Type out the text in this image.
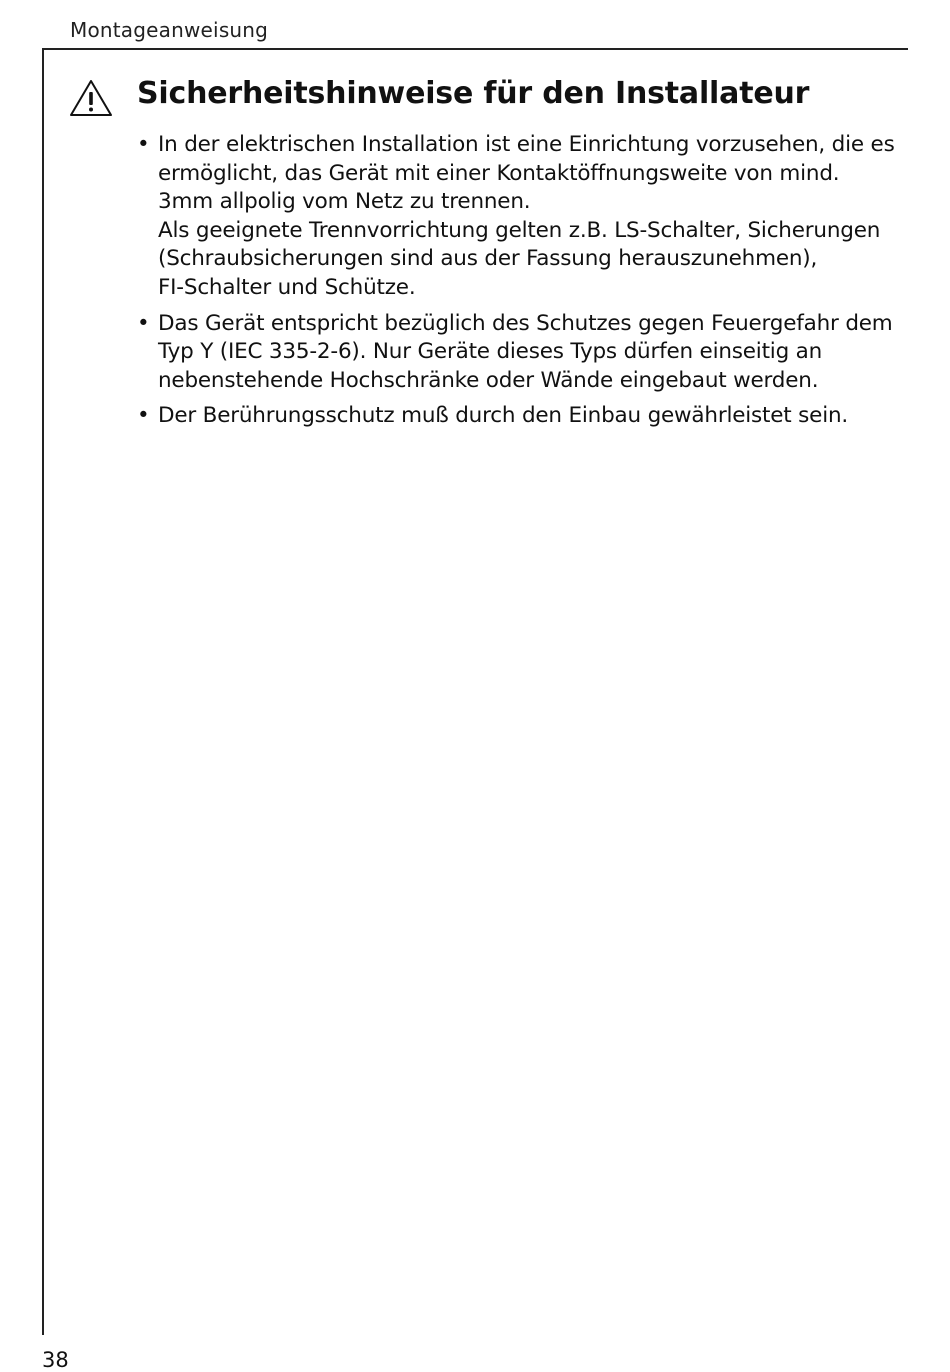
Montageanweisung
Sicherheitshinweise für den Installateur
• In der elektrischen Installation ist eine Einrichtung vorzusehen, die es
ermöglicht, das Gerät mit einer Kontaktöffnungsweite von mind.
3mm allpolig vom Netz zu trennen.
Als geeignete Trennvorrichtung gelten z.B. LS-Schalter, Sicherungen
(Schraubsicherungen sind aus der Fassung herauszunehmen),
FI-Schalter und Schütze.
• Das Gerät entspricht bezüglich des Schutzes gegen Feuergefahr dem
Typ Y (IEC 335-2-6). Nur Geräte dieses Typs dürfen einseitig an
nebenstehende Hochschränke oder Wände eingebaut werden.
• Der Berührungsschutz muß durch den Einbau gewährleistet sein.
38
